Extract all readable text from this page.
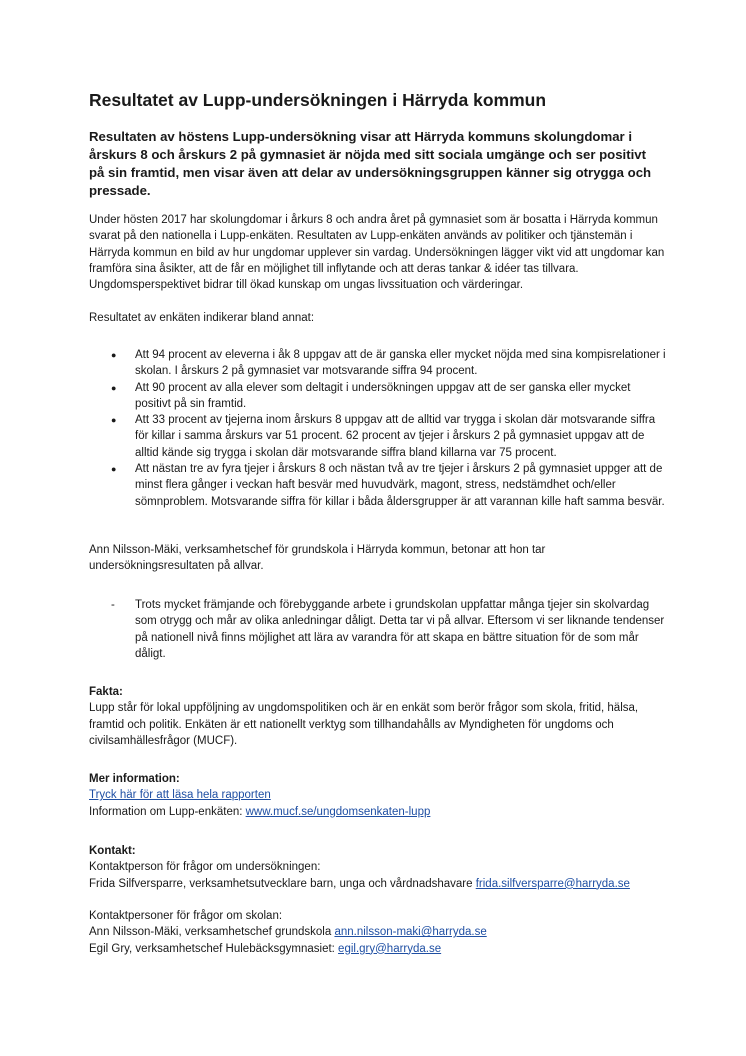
Resultatet av Lupp-undersökningen i Härryda kommun

Resultaten av höstens Lupp-undersökning visar att Härryda kommuns skolungdomar i årskurs 8 och årskurs 2 på gymnasiet är nöjda med sitt sociala umgänge och ser positivt på sin framtid, men visar även att delar av undersökningsgruppen känner sig otrygga och pressade.

Under hösten 2017 har skolungdomar i årkurs 8 och andra året på gymnasiet som är bosatta i Härryda kommun svarat på den nationella i Lupp-enkäten. Resultaten av Lupp-enkäten används av politiker och tjänstemän i Härryda kommun en bild av hur ungdomar upplever sin vardag. Undersökningen lägger vikt vid att ungdomar kan framföra sina åsikter, att de får en möjlighet till inflytande och att deras tankar & idéer tas tillvara. Ungdomsperspektivet bidrar till ökad kunskap om ungas livssituation och värderingar.

Resultatet av enkäten indikerar bland annat:

● Att 94 procent av eleverna i åk 8 uppgav att de är ganska eller mycket nöjda med sina kompisrelationer i skolan. I årskurs 2 på gymnasiet var motsvarande siffra 94 procent.
● Att 90 procent av alla elever som deltagit i undersökningen uppgav att de ser ganska eller mycket positivt på sin framtid.
● Att 33 procent av tjejerna inom årskurs 8 uppgav att de alltid var trygga i skolan där motsvarande siffra för killar i samma årskurs var 51 procent. 62 procent av tjejer i årskurs 2 på gymnasiet uppgav att de alltid kände sig trygga i skolan där motsvarande siffra bland killarna var 75 procent.
● Att nästan tre av fyra tjejer i årskurs 8 och nästan två av tre tjejer i årskurs 2 på gymnasiet uppger att de minst flera gånger i veckan haft besvär med huvudvärk, magont, stress, nedstämdhet och/eller sömnproblem. Motsvarande siffra för killar i båda åldersgrupper är att varannan kille haft samma besvär.

Ann Nilsson-Mäki, verksamhetschef för grundskola i Härryda kommun, betonar att hon tar undersökningsresultaten på allvar.

-	Trots mycket främjande och förebyggande arbete i grundskolan uppfattar många tjejer sin skolvardag som otrygg och mår av olika anledningar dåligt. Detta tar vi på allvar. Eftersom vi ser liknande tendenser på nationell nivå finns möjlighet att lära av varandra för att skapa en bättre situation för de som mår dåligt.

Fakta:
Lupp står för lokal uppföljning av ungdomspolitiken och är en enkät som berör frågor som skola, fritid, hälsa, framtid och politik. Enkäten är ett nationellt verktyg som tillhandahålls av Myndigheten för ungdoms och civilsamhällesfrågor (MUCF).

Mer information:
Tryck här för att läsa hela rapporten
Information om Lupp-enkäten: www.mucf.se/ungdomsenkaten-lupp

Kontakt:
Kontaktperson för frågor om undersökningen:
Frida Silfversparre, verksamhetsutvecklare barn, unga och vårdnadshavare frida.silfversparre@harryda.se

Kontaktpersoner för frågor om skolan:
Ann Nilsson-Mäki, verksamhetschef grundskola ann.nilsson-maki@harryda.se
Egil Gry, verksamhetschef Hulebäcksgymnasiet: egil.gry@harryda.se
